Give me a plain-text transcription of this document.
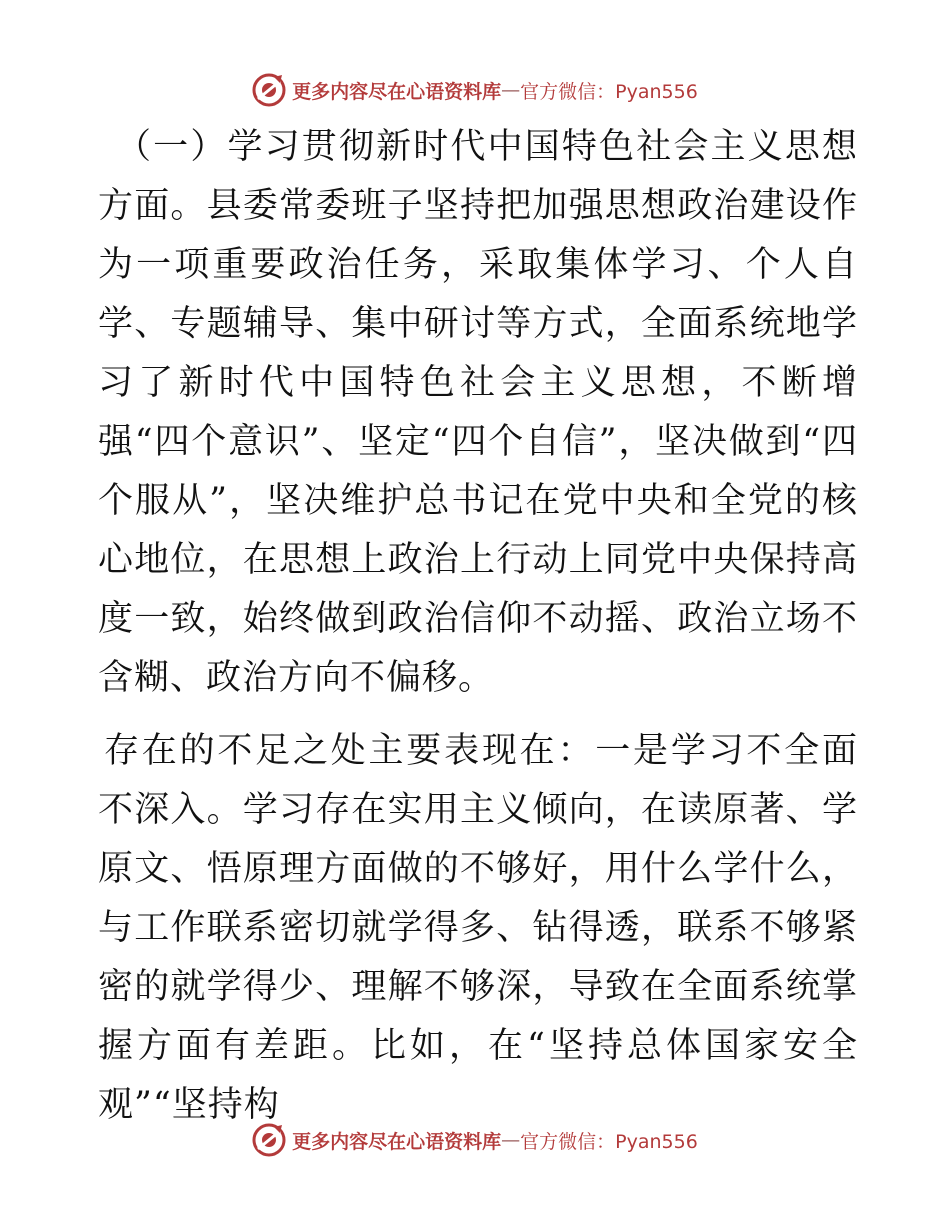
更多内容尽在心语资料库 — 官方微信：Pyan556

（一）学习贯彻新时代中国特色社会主义思想方面。县委常委班子坚持把加强思想政治建设作为一项重要政治任务，采取集体学习、个人自学、专题辅导、集中研讨等方式，全面系统地学习了新时代中国特色社会主义思想，不断增强“四个意识”、坚定“四个自信”，坚决做到“四个服从”，坚决维护总书记在党中央和全党的核心地位，在思想上政治上行动上同党中央保持高度一致，始终做到政治信仰不动摇、政治立场不含糊、政治方向不偏移。

存在的不足之处主要表现在：一是学习不全面不深入。学习存在实用主义倾向，在读原著、学原文、悟原理方面做的不够好，用什么学什么，与工作联系密切就学得多、钻得透，联系不够紧密的就学得少、理解不够深，导致在全面系统掌握方面有差距。比如，在“坚持总体国家安全观”“坚持构

更多内容尽在心语资料库 — 官方微信：Pyan556
